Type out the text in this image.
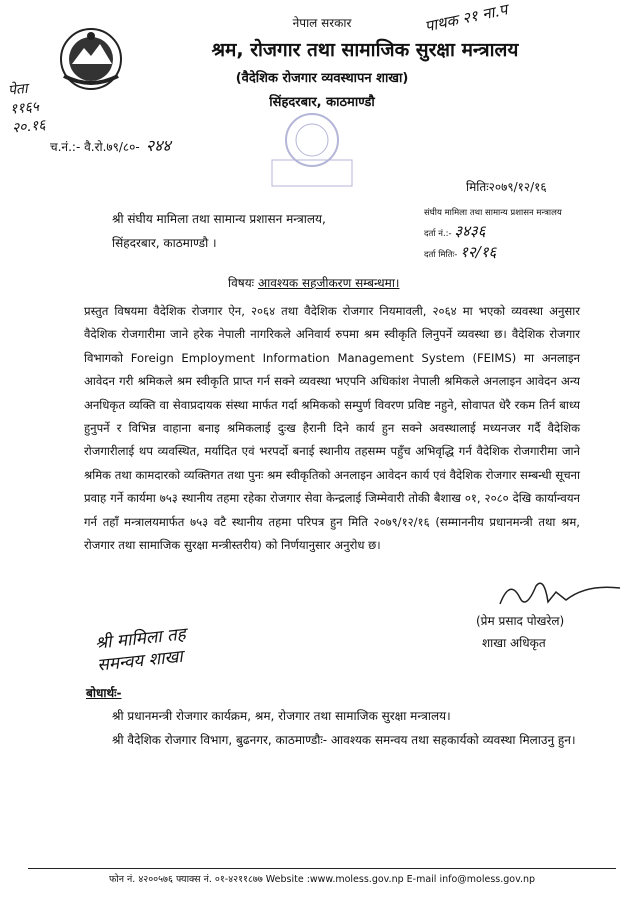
पाथक २१ ना.प
पेता
११६५
२०.१६
नेपाल सरकार
श्रम, रोजगार तथा सामाजिक सुरक्षा मन्त्रालय
(वैदेशिक रोजगार व्यवस्थापन शाखा)
सिंहदरबार, काठमाण्डौ
च.नं.:- वै.रो.७९/८०- २४४
मितिः२०७९/१२/१६
संघीय मामिला तथा सामान्य प्रशासन मन्त्रालय
दर्ता नं.:- ३४३६
दर्ता मितिः- १२/१६
श्री संघीय मामिला तथा सामान्य प्रशासन मन्त्रालय,
सिंहदरबार, काठमाण्डौ ।
विषयः आवश्यक सहजीकरण सम्बन्धमा।
प्रस्तुत विषयमा वैदेशिक रोजगार ऐन, २०६४ तथा वैदेशिक रोजगार नियमावली, २०६४ मा भएको व्यवस्था अनुसार वैदेशिक रोजगारीमा जाने हरेक नेपाली नागरिकले अनिवार्य रुपमा श्रम स्वीकृति लिनुपर्ने व्यवस्था छ। वैदेशिक रोजगार विभागको Foreign Employment Information Management System (FEIMS) मा अनलाइन आवेदन गरी श्रमिकले श्रम स्वीकृति प्राप्त गर्न सक्ने व्यवस्था भएपनि अधिकांश नेपाली श्रमिकले अनलाइन आवेदन अन्य अनधिकृत व्यक्ति वा सेवाप्रदायक संस्था मार्फत गर्दा श्रमिकको सम्पुर्ण विवरण प्रविष्ट नहुने, सोवापत धेरै रकम तिर्न बाध्य हुनुपर्ने र विभिन्न वाहाना बनाइ श्रमिकलाई दुःख हैरानी दिने कार्य हुन सक्ने अवस्थालाई मध्यनजर गर्दै वैदेशिक रोजगारीलाई थप व्यवस्थित, मर्यादित एवं भरपर्दो बनाई स्थानीय तहसम्म पहुँच अभिवृद्धि गर्न वैदेशिक रोजगारीमा जाने श्रमिक तथा कामदारको व्यक्तिगत तथा पुनः श्रम स्वीकृतिको अनलाइन आवेदन कार्य एवं वैदेशिक रोजगार सम्बन्धी सूचना प्रवाह गर्ने कार्यमा ७५३ स्थानीय तहमा रहेका रोजगार सेवा केन्द्रलाई जिम्मेवारी तोकी बैशाख ०१, २०८० देखि कार्यान्वयन गर्न तहाँ मन्त्रालयमार्फत ७५३ वटै स्थानीय तहमा परिपत्र हुन मिति २०७९/१२/१६ (सम्माननीय प्रधानमन्त्री तथा श्रम, रोजगार तथा सामाजिक सुरक्षा मन्त्रीस्तरीय) को निर्णयानुसार अनुरोध छ।
(प्रेम प्रसाद पोखरेल)
शाखा अधिकृत
श्री मामिला तह
समन्वय शाखा
बोधार्थः-
श्री प्रधानमन्त्री रोजगार कार्यक्रम, श्रम, रोजगार तथा सामाजिक सुरक्षा मन्त्रालय।
श्री वैदेशिक रोजगार विभाग, बुढनगर, काठमाण्डौः- आवश्यक समन्वय तथा सहकार्यको व्यवस्था मिलाउनु हुन।
फोन नं. ४२००५७६ फ्याक्स नं. ०१-४२११८७७ Website :www.moless.gov.np E-mail info@moless.gov.np
